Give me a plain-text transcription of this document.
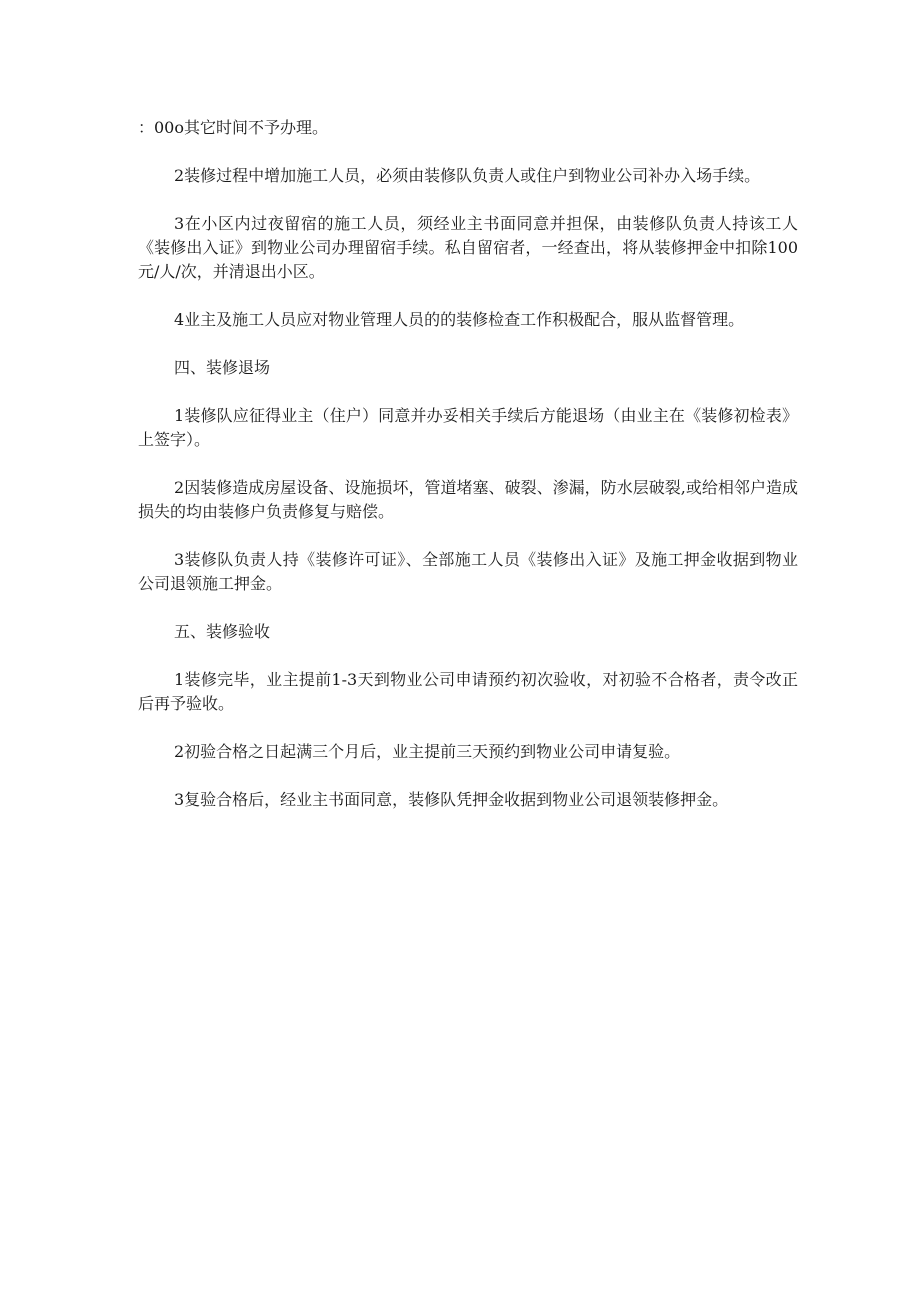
：00o其它时间不予办理。

2装修过程中增加施工人员，必须由装修队负责人或住户到物业公司补办入场手续。

3在小区内过夜留宿的施工人员，须经业主书面同意并担保，由装修队负责人持该工人《装修出入证》到物业公司办理留宿手续。私自留宿者，一经查出，将从装修押金中扣除100元/人/次，并清退出小区。

4业主及施工人员应对物业管理人员的的装修检查工作积极配合，服从监督管理。

四、装修退场

1装修队应征得业主（住户）同意并办妥相关手续后方能退场（由业主在《装修初检表》上签字）。

2因装修造成房屋设备、设施损坏，管道堵塞、破裂、渗漏，防水层破裂,或给相邻户造成损失的均由装修户负责修复与赔偿。

3装修队负责人持《装修许可证》、全部施工人员《装修出入证》及施工押金收据到物业公司退领施工押金。

五、装修验收

1装修完毕，业主提前1-3天到物业公司申请预约初次验收，对初验不合格者，责令改正后再予验收。

2初验合格之日起满三个月后，业主提前三天预约到物业公司申请复验。

3复验合格后，经业主书面同意，装修队凭押金收据到物业公司退领装修押金。
